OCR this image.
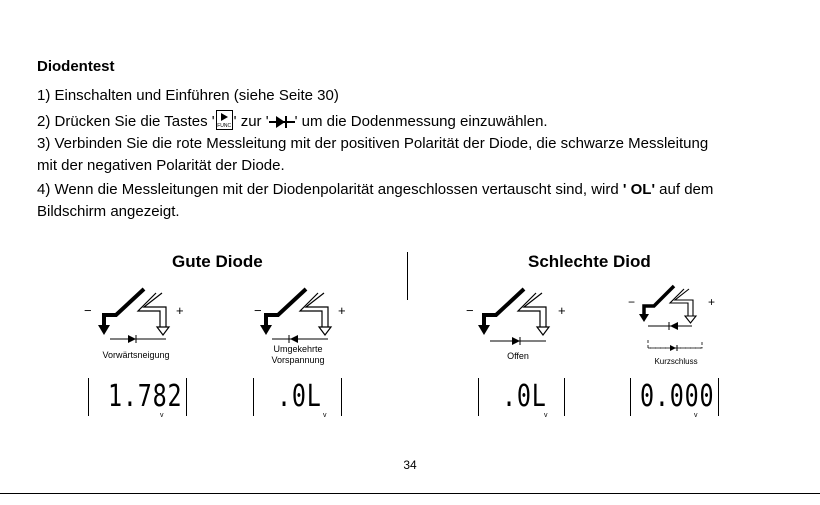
Diodentest
1) Einschalten und Einführen (siehe Seite 30)
2) Drücken Sie die Tastes ' FUNC ' zur ' ' um die Dodenmessung einzuwählen.
3) Verbinden Sie die rote Messleitung mit der positiven Polarität der Diode, die schwarze Messleitung
mit der negativen Polarität der Diode.
4) Wenn die Messleitungen mit der Diodenpolarität angeschlossen vertauscht sind, wird ' OL' auf dem
Bildschirm angezeigt.
Gute Diode	Schlechte Diod
−	+
Vorwärtsneigung
−	+
Umgekehrte
Vorspannung
−	+
Offen
−	+
Kurzschluss
1.782
v
.0L
v
.0L
v
0.000
v
34
